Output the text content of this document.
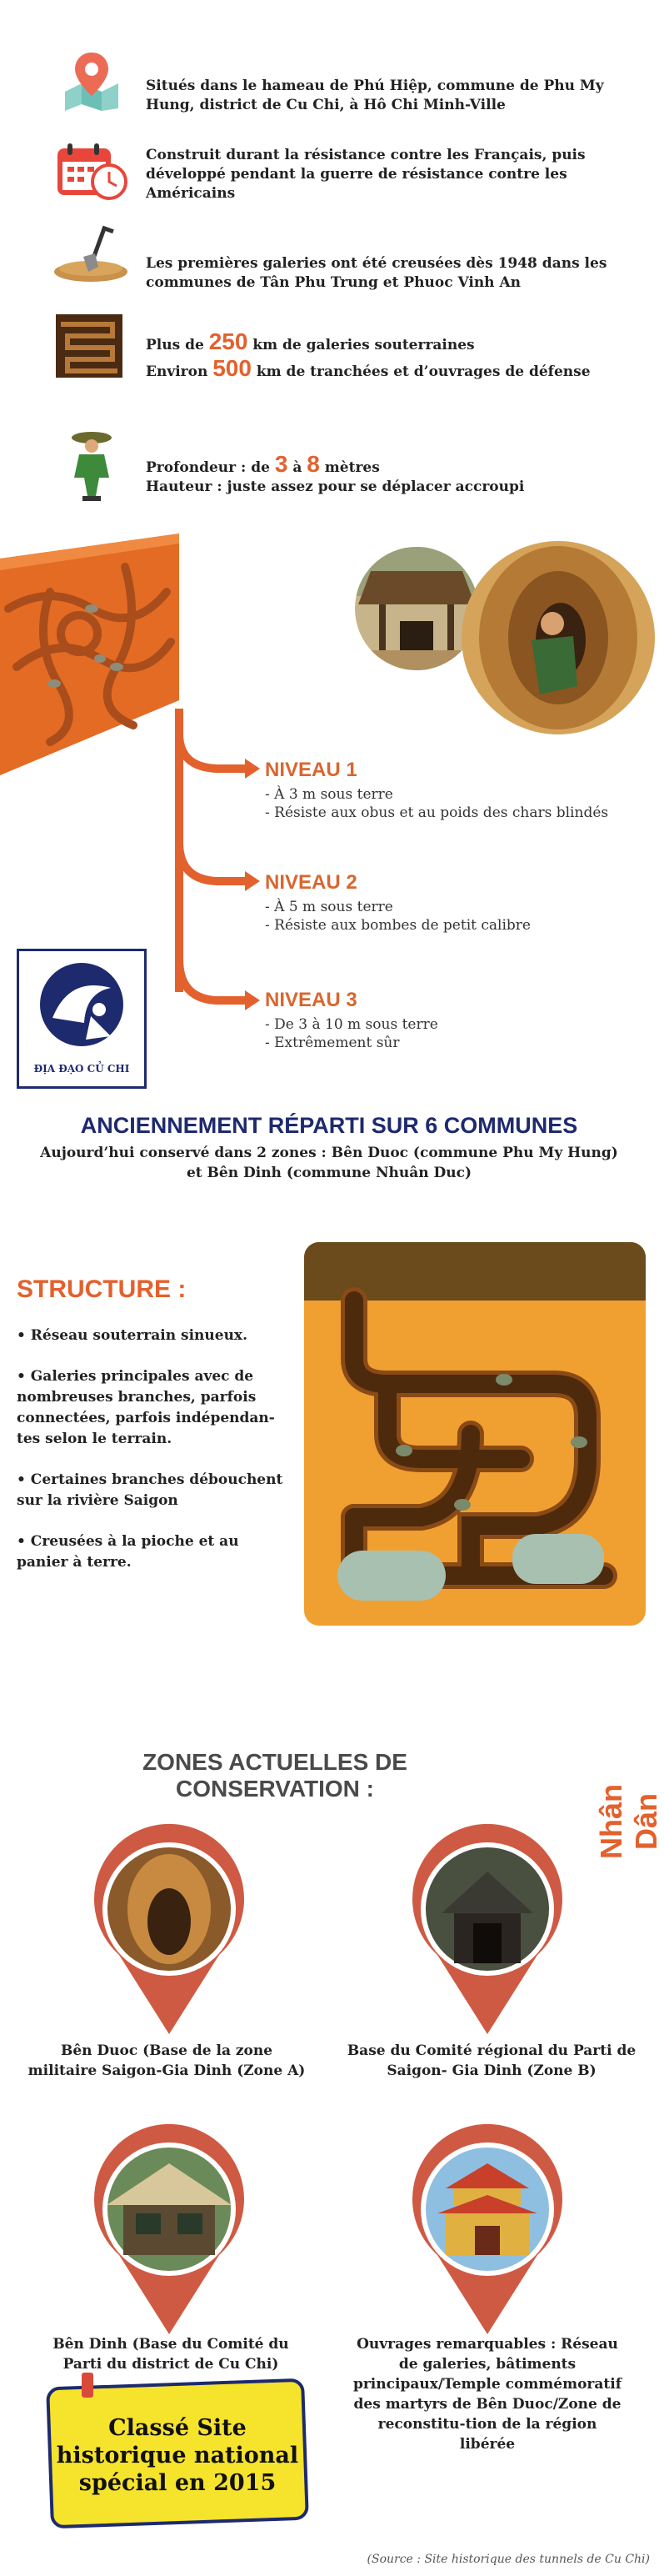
Situés dans le hameau de Phú Hiệp, commune de Phu My Hung, district de Cu Chi, à Hô Chi Minh-Ville
Construit durant la résistance contre les Français, puis développé pendant la guerre de résistance contre les Américains
Les premières galeries ont été creusées dès 1948 dans les communes de Tân Phu Trung et Phuoc Vinh An
Plus de 250 km de galeries souterraines
Environ 500 km de tranchées et d’ouvrages de défense
Profondeur : de 3 à 8 mètres
Hauteur : juste assez pour se déplacer accroupi
NIVEAU 1
- À 3 m sous terre
- Résiste aux obus et au poids des chars blindés
NIVEAU 2
- À 5 m sous terre
- Résiste aux bombes de petit calibre
NIVEAU 3
- De 3 à 10 m sous terre
- Extrêmement sûr
ĐỊA ĐẠO CỦ CHI
ANCIENNEMENT RÉPARTI SUR 6 COMMUNES
Aujourd’hui conservé dans 2 zones : Bên Duoc (commune Phu My Hung)
et Bên Dinh (commune Nhuân Duc)
STRUCTURE :
• Réseau souterrain sinueux.
• Galeries principales avec de nombreuses branches, parfois connectées, parfois indépendan-tes selon le terrain.
• Certaines branches débouchent sur la rivière Saigon
• Creusées à la pioche et au panier à terre.
ZONES ACTUELLES DE CONSERVATION :	Nhân Dân
Bên Duoc (Base de la zone militaire Saigon-Gia Dinh (Zone A)
Base du Comité régional du Parti de Saigon- Gia Dinh (Zone B)
Bên Dinh (Base du Comité du Parti du district de Cu Chi)
Ouvrages remarquables : Réseau de galeries, bâtiments principaux/Temple commémoratif des martyrs de Bên Duoc/Zone de reconstitu-tion de la région libérée
Classé Site
historique national
spécial en 2015
(Source : Site historique des tunnels de Cu Chi)
